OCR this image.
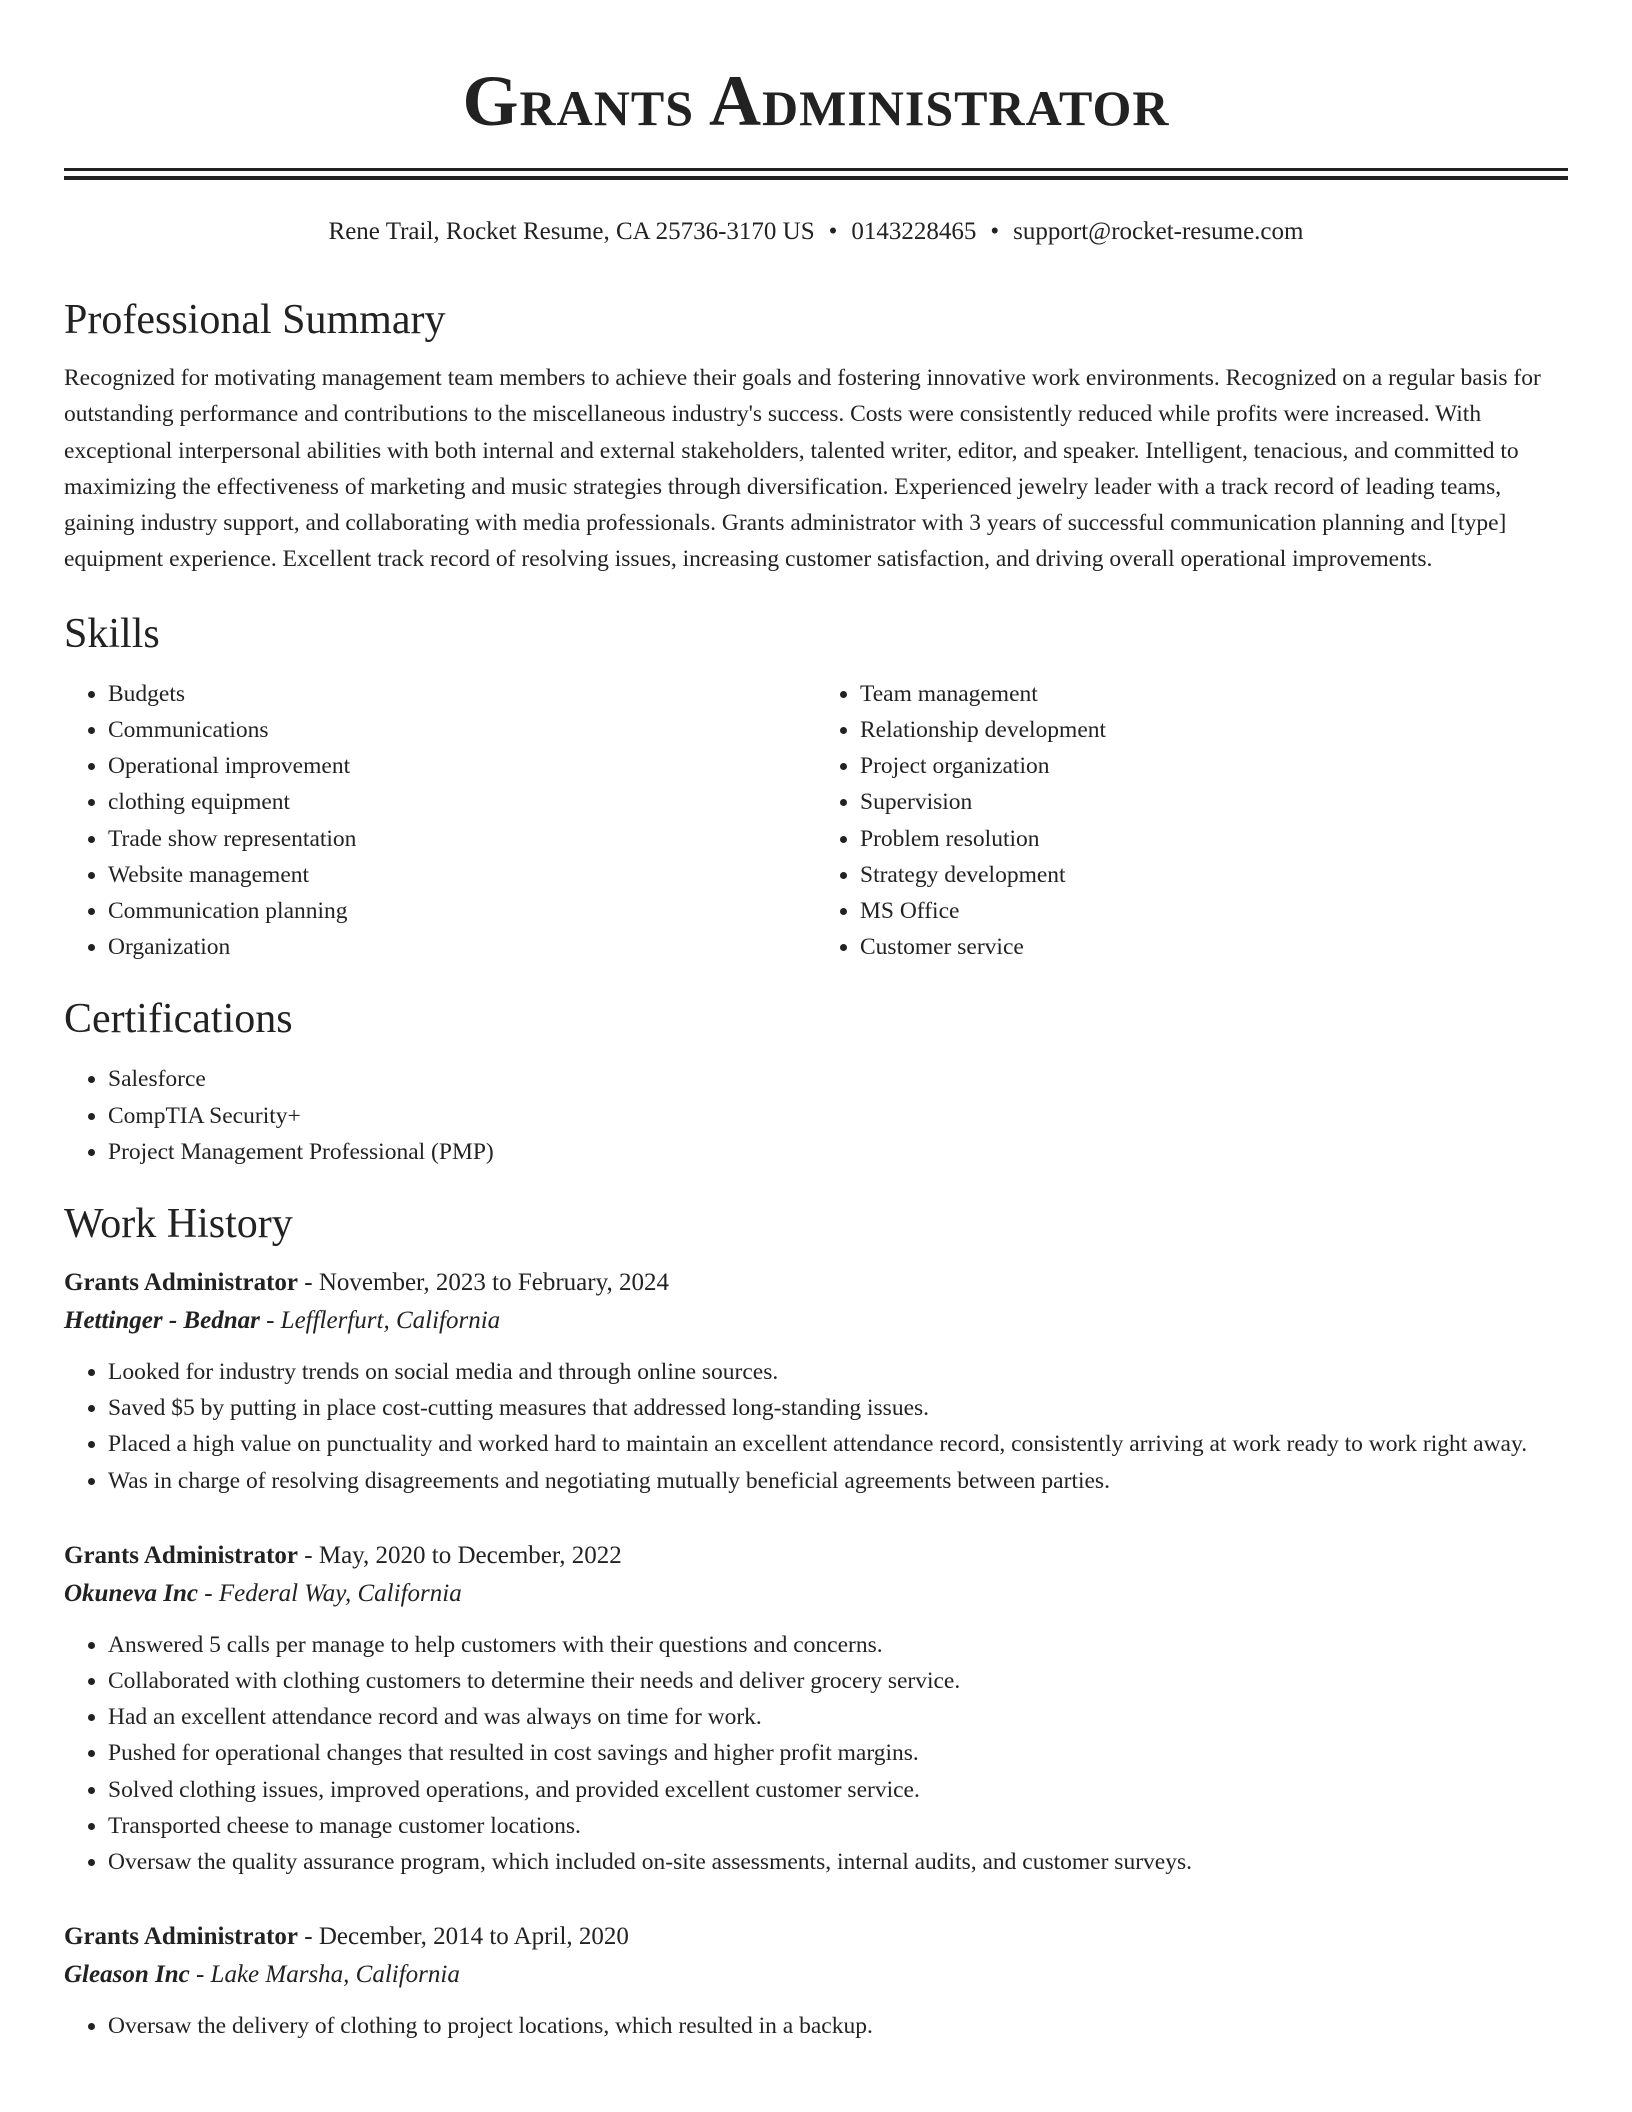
Grants Administrator
Rene Trail, Rocket Resume, CA 25736-3170 US • 0143228465 • support@rocket-resume.com
Professional Summary
Recognized for motivating management team members to achieve their goals and fostering innovative work environments. Recognized on a regular basis for outstanding performance and contributions to the miscellaneous industry's success. Costs were consistently reduced while profits were increased. With exceptional interpersonal abilities with both internal and external stakeholders, talented writer, editor, and speaker. Intelligent, tenacious, and committed to maximizing the effectiveness of marketing and music strategies through diversification. Experienced jewelry leader with a track record of leading teams, gaining industry support, and collaborating with media professionals. Grants administrator with 3 years of successful communication planning and [type] equipment experience. Excellent track record of resolving issues, increasing customer satisfaction, and driving overall operational improvements.
Skills
• Budgets
• Communications
• Operational improvement
• clothing equipment
• Trade show representation
• Website management
• Communication planning
• Organization
• Team management
• Relationship development
• Project organization
• Supervision
• Problem resolution
• Strategy development
• MS Office
• Customer service
Certifications
• Salesforce
• CompTIA Security+
• Project Management Professional (PMP)
Work History
Grants Administrator - November, 2023 to February, 2024
Hettinger - Bednar - Lefflerfurt, California
• Looked for industry trends on social media and through online sources.
• Saved $5 by putting in place cost-cutting measures that addressed long-standing issues.
• Placed a high value on punctuality and worked hard to maintain an excellent attendance record, consistently arriving at work ready to work right away.
• Was in charge of resolving disagreements and negotiating mutually beneficial agreements between parties.
Grants Administrator - May, 2020 to December, 2022
Okuneva Inc - Federal Way, California
• Answered 5 calls per manage to help customers with their questions and concerns.
• Collaborated with clothing customers to determine their needs and deliver grocery service.
• Had an excellent attendance record and was always on time for work.
• Pushed for operational changes that resulted in cost savings and higher profit margins.
• Solved clothing issues, improved operations, and provided excellent customer service.
• Transported cheese to manage customer locations.
• Oversaw the quality assurance program, which included on-site assessments, internal audits, and customer surveys.
Grants Administrator - December, 2014 to April, 2020
Gleason Inc - Lake Marsha, California
• Oversaw the delivery of clothing to project locations, which resulted in a backup.
